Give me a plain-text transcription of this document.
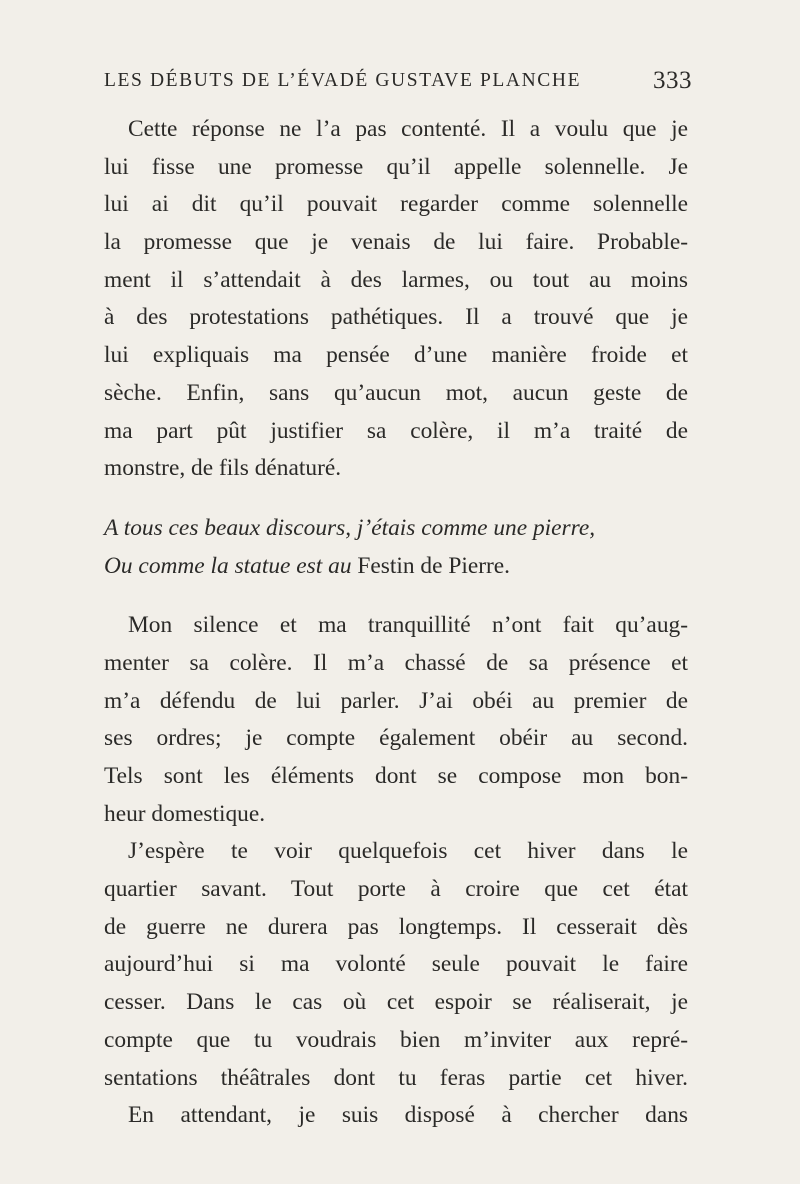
LES DÉBUTS DE L’ÉVADÉ GUSTAVE PLANCHE	333
Cette réponse ne l’a pas contenté. Il a voulu que je
lui fisse une promesse qu’il appelle solennelle. Je
lui ai dit qu’il pouvait regarder comme solennelle
la promesse que je venais de lui faire. Probable-
ment il s’attendait à des larmes, ou tout au moins
à des protestations pathétiques. Il a trouvé que je
lui expliquais ma pensée d’une manière froide et
sèche. Enfin, sans qu’aucun mot, aucun geste de
ma part pût justifier sa colère, il m’a traité de
monstre, de fils dénaturé.
A tous ces beaux discours, j’étais comme une pierre,
Ou comme la statue est au Festin de Pierre.
Mon silence et ma tranquillité n’ont fait qu’aug-
menter sa colère. Il m’a chassé de sa présence et
m’a défendu de lui parler. J’ai obéi au premier de
ses ordres; je compte également obéir au second.
Tels sont les éléments dont se compose mon bon-
heur domestique.
J’espère te voir quelquefois cet hiver dans le
quartier savant. Tout porte à croire que cet état
de guerre ne durera pas longtemps. Il cesserait dès
aujourd’hui si ma volonté seule pouvait le faire
cesser. Dans le cas où cet espoir se réaliserait, je
compte que tu voudrais bien m’inviter aux repré-
sentations théâtrales dont tu feras partie cet hiver.
En attendant, je suis disposé à chercher dans
